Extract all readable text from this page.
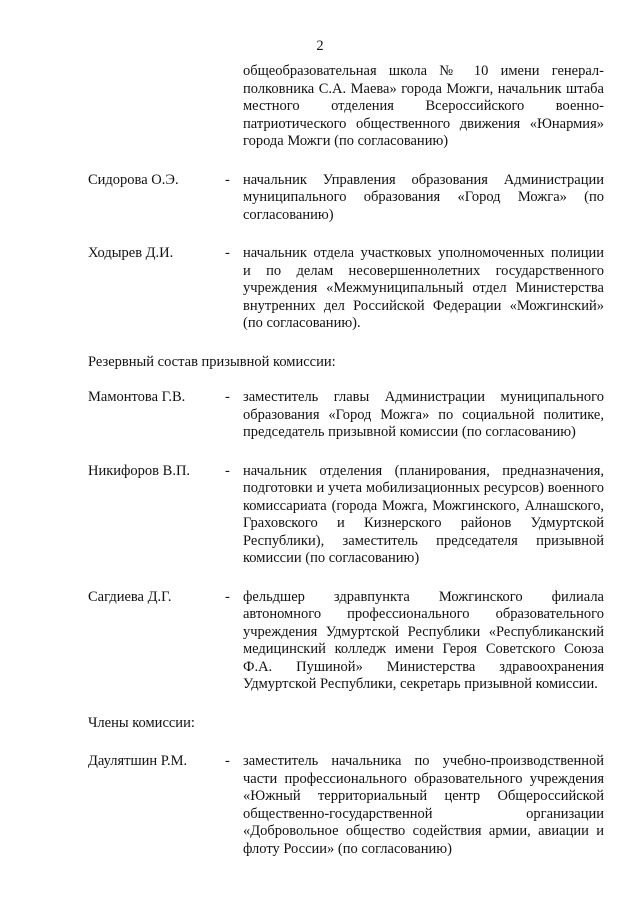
2
общеобразовательная школа № 10 имени генерал-полковника С.А. Маева» города Можги, начальник штаба местного отделения Всероссийского военно-патриотического общественного движения «Юнармия» города Можги (по согласованию)
Сидорова О.Э.	- начальник Управления образования Администрации муниципального образования «Город Можга» (по согласованию)
Ходырев Д.И.	- начальник отдела участковых уполномоченных полиции и по делам несовершеннолетних государственного учреждения «Межмуниципальный отдел Министерства внутренних дел Российской Федерации «Можгинский» (по согласованию).
Резервный состав призывной комиссии:
Мамонтова Г.В.	- заместитель главы Администрации муниципального образования «Город Можга» по социальной политике, председатель призывной комиссии (по согласованию)
Никифоров В.П.	- начальник отделения (планирования, предназначения, подготовки и учета мобилизационных ресурсов) военного комиссариата (города Можга, Можгинского, Алнашского, Граховского и Кизнерского районов Удмуртской Республики), заместитель председателя призывной комиссии (по согласованию)
Сагдиева Д.Г.	- фельдшер здравпункта Можгинского филиала автономного профессионального образовательного учреждения Удмуртской Республики «Республиканский медицинский колледж имени Героя Советского Союза Ф.А. Пушиной» Министерства здравоохранения Удмуртской Республики, секретарь призывной комиссии.
Члены комиссии:
Даулятшин Р.М.	- заместитель начальника по учебно-производственной части профессионального образовательного учреждения «Южный территориальный центр Общероссийской общественно-государственной организации «Добровольное общество содействия армии, авиации и флоту России» (по согласованию)
